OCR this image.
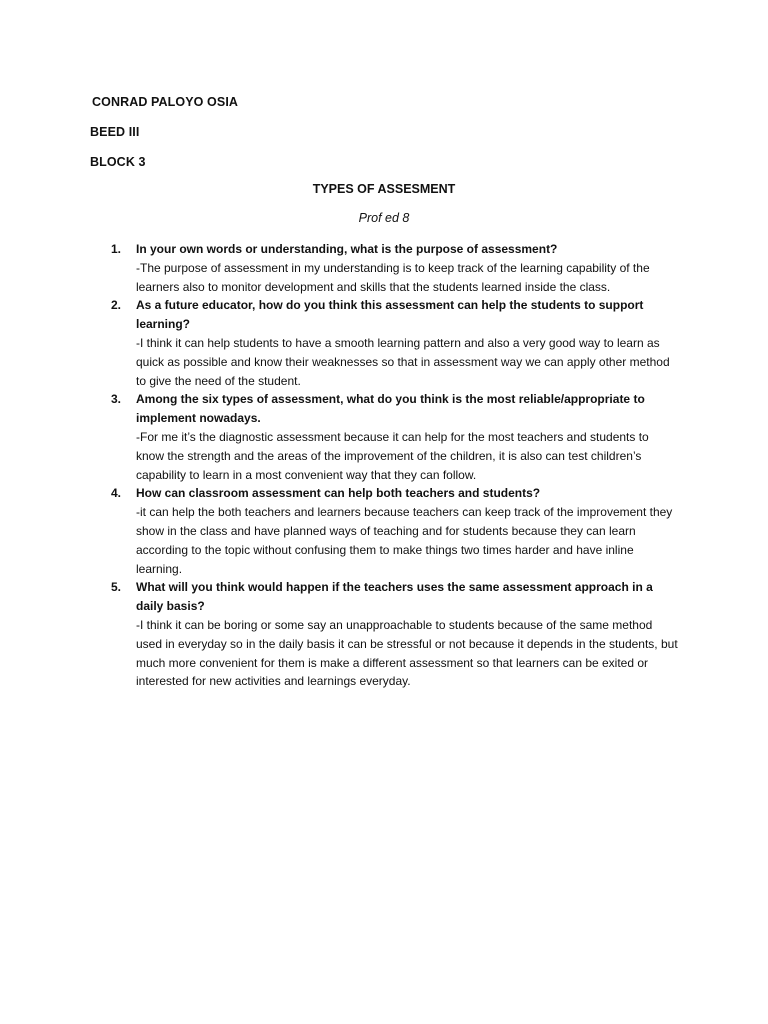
CONRAD PALOYO OSIA
BEED III
BLOCK 3
TYPES OF ASSESMENT
Prof ed 8
1. In your own words or understanding, what is the purpose of assessment?
-The purpose of assessment in my understanding is to keep track of the learning capability of the learners also to monitor development and skills that the students learned inside the class.
2. As a future educator, how do you think this assessment can help the students to support learning?
-I think it can help students to have a smooth learning pattern and also a very good way to learn as quick as possible and know their weaknesses so that in assessment way we can apply other method to give the need of the student.
3. Among the six types of assessment, what do you think is the most reliable/appropriate to implement nowadays.
-For me it’s the diagnostic assessment because it can help for the most teachers and students to know the strength and the areas of the improvement of the children, it is also can test children’s capability to learn in a most convenient way that they can follow.
4. How can classroom assessment can help both teachers and students?
-it can help the both teachers and learners because teachers can keep track of the improvement they show in the class and have planned ways of teaching and for students because they can learn according to the topic without confusing them to make things two times harder and have inline learning.
5. What will you think would happen if the teachers uses the same assessment approach in a daily basis?
-I think it can be boring or some say an unapproachable to students because of the same method used in everyday so in the daily basis it can be stressful or not because it depends in the students, but much more convenient for them is make a different assessment so that learners can be exited or interested for new activities and learnings everyday.
